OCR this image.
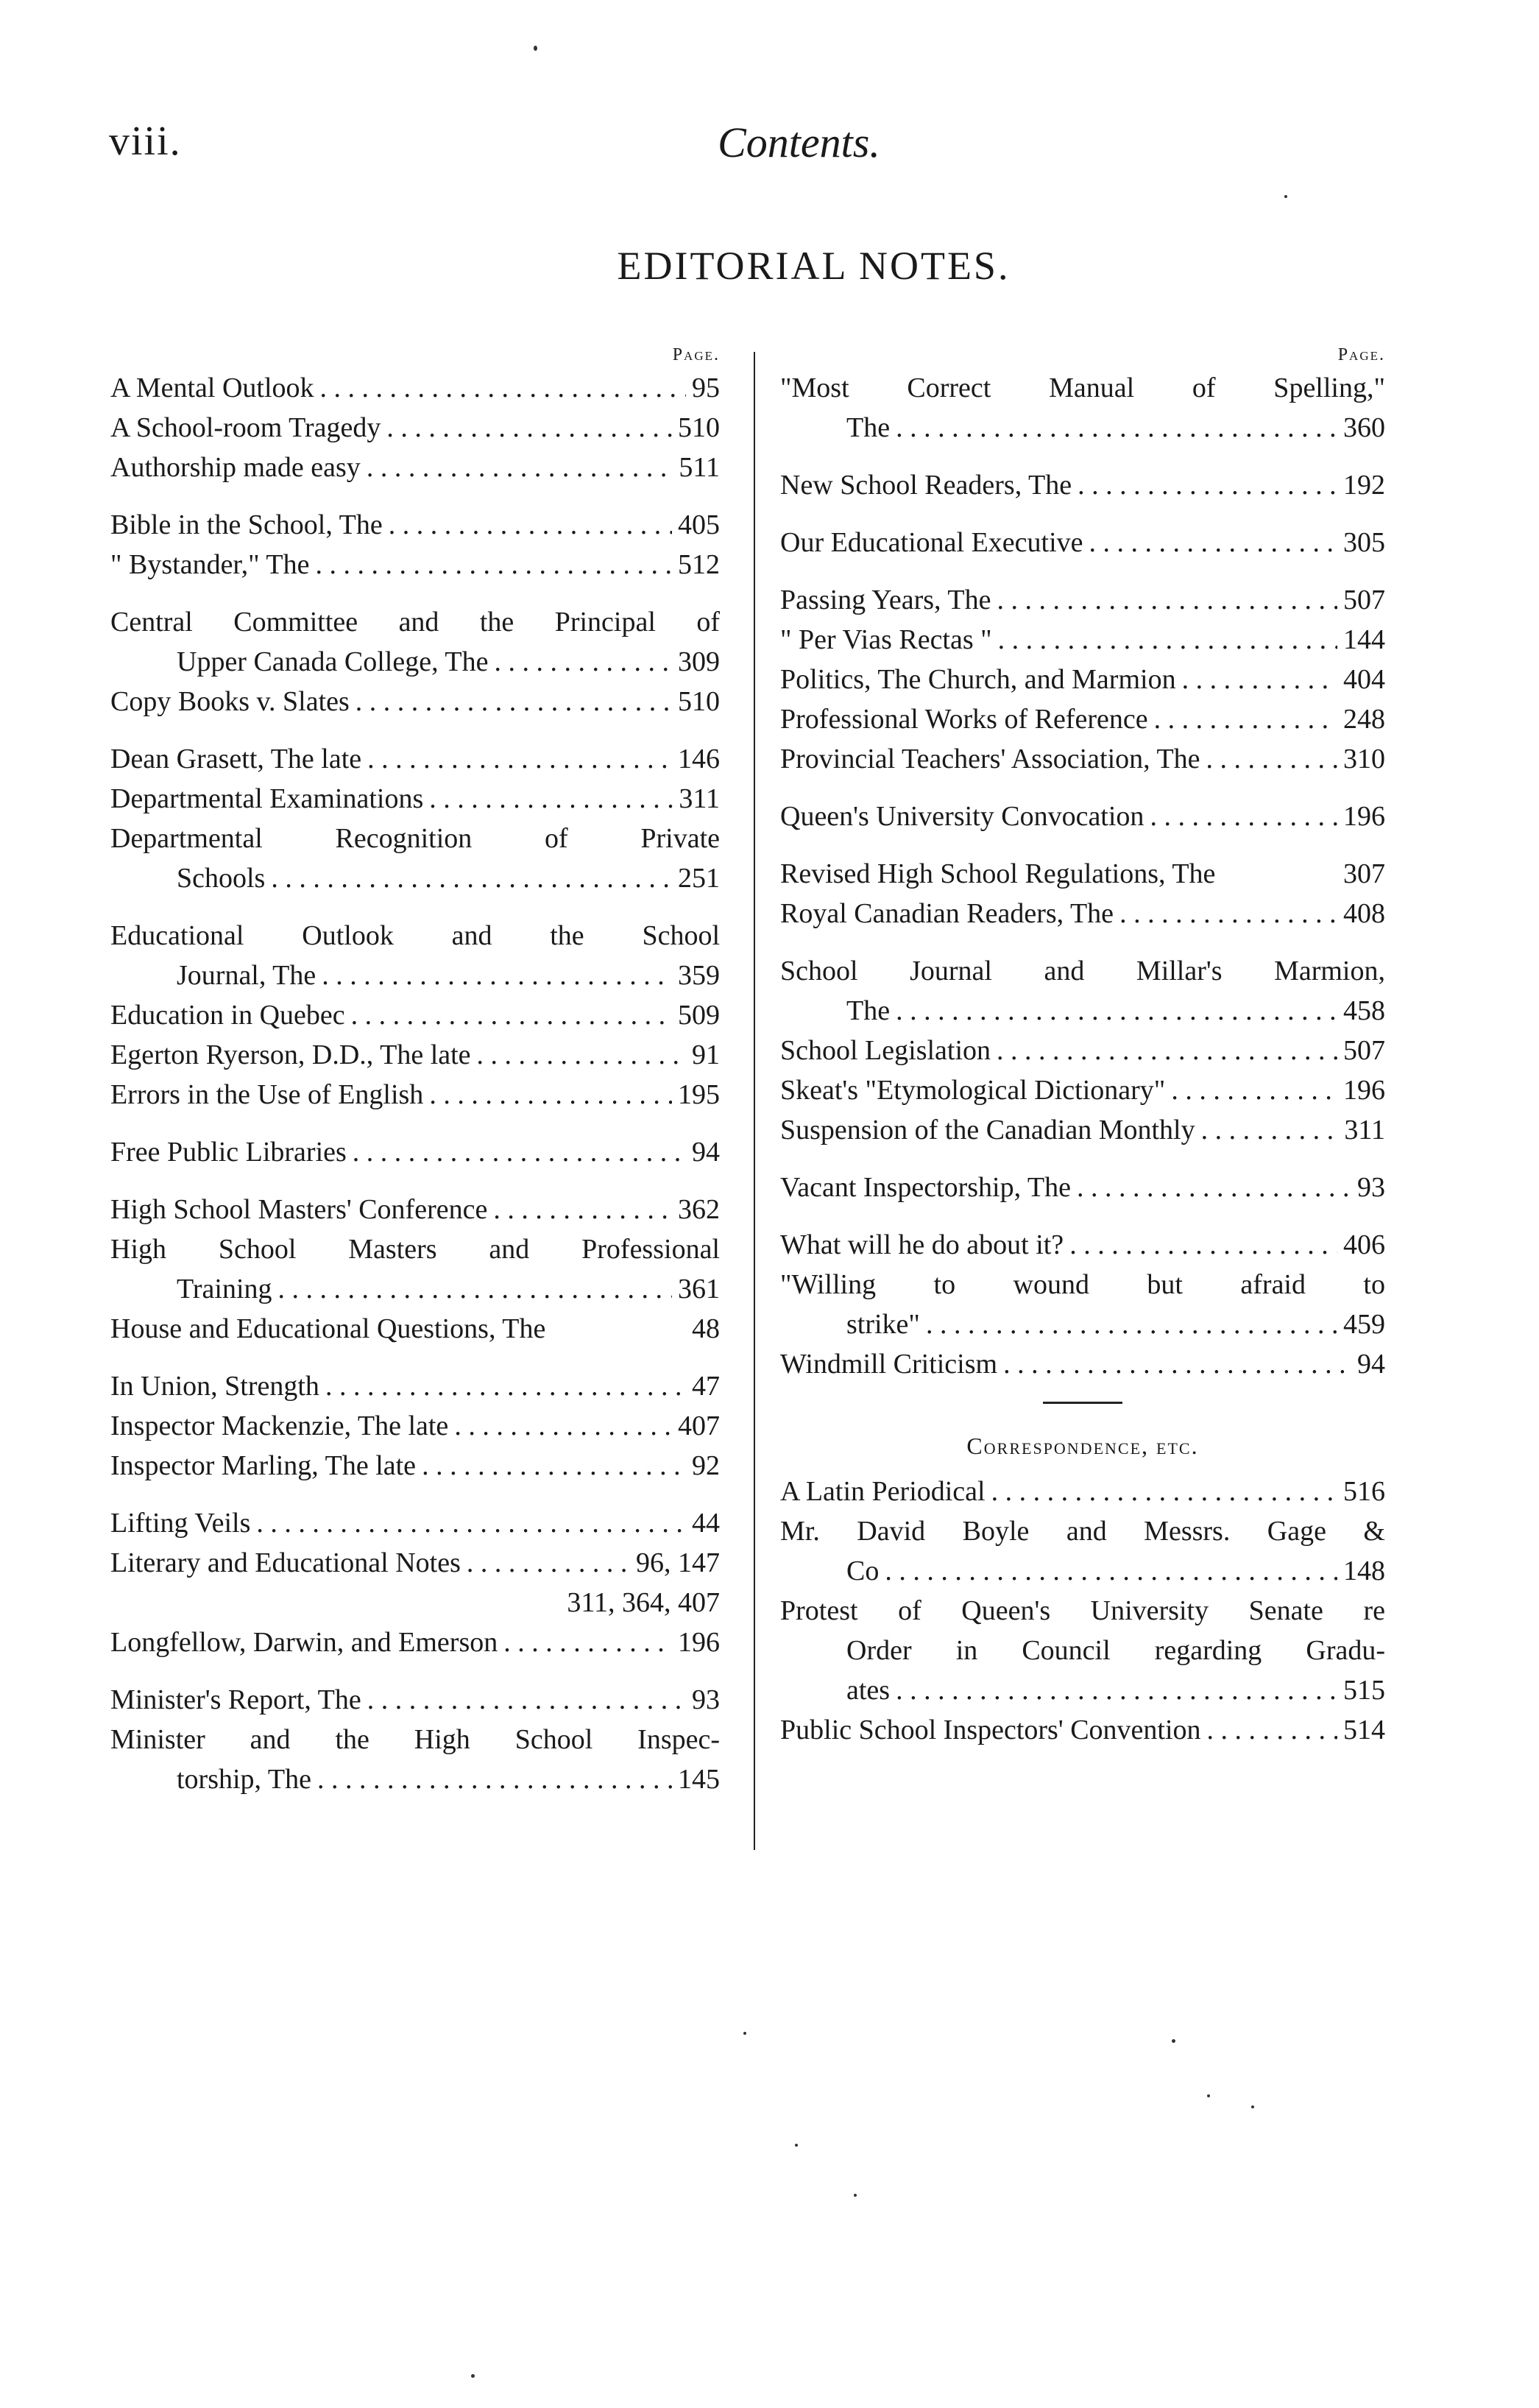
viii.	Contents.
EDITORIAL NOTES.
Page.
A Mental Outlook . . .	95
A School-room Tragedy . . .	510
Authorship made easy . . .	511
Bible in the School, The . . .	405
" Bystander," The . . .	512
Central Committee and the Principal of
Upper Canada College, The . . .	309
Copy Books v. Slates . . .	510
Dean Grasett, The late . . .	146
Departmental Examinations . . .	311
Departmental Recognition of Private
Schools . . .	251
Educational Outlook and the School
Journal, The . . .	359
Education in Quebec . . .	509
Egerton Ryerson, D.D., The late . . .	91
Errors in the Use of English . . .	195
Free Public Libraries . . .	94
High School Masters' Conference . . .	362
High School Masters and Professional
Training . . .	361
House and Educational Questions, The	48
In Union, Strength . . .	47
Inspector Mackenzie, The late . . .	407
Inspector Marling, The late . . .	92
Lifting Veils . . .	44
Literary and Educational Notes . . .	96, 147
311, 364, 407
Longfellow, Darwin, and Emerson . . .	196
Minister's Report, The . . .	93
Minister and the High School Inspec-
torship, The . . .	145
Page.
"Most Correct Manual of Spelling,"
The . . .	360
New School Readers, The . . .	192
Our Educational Executive . . .	305
Passing Years, The . . .	507
" Per Vias Rectas " . . .	144
Politics, The Church, and Marmion . . .	404
Professional Works of Reference . . .	248
Provincial Teachers' Association, The . . .	310
Queen's University Convocation . . .	196
Revised High School Regulations, The	307
Royal Canadian Readers, The . . .	408
School Journal and Millar's Marmion,
The . . .	458
School Legislation . . .	507
Skeat's "Etymological Dictionary" . . .	196
Suspension of the Canadian Monthly . . .	311
Vacant Inspectorship, The . . .	93
What will he do about it? . . .	406
"Willing to wound but afraid to
strike" . . .	459
Windmill Criticism . . .	94
Correspondence, etc.
A Latin Periodical . . .	516
Mr. David Boyle and Messrs. Gage &
Co . . .	148
Protest of Queen's University Senate re
Order in Council regarding Gradu-
ates . . .	515
Public School Inspectors' Convention . . .	514
